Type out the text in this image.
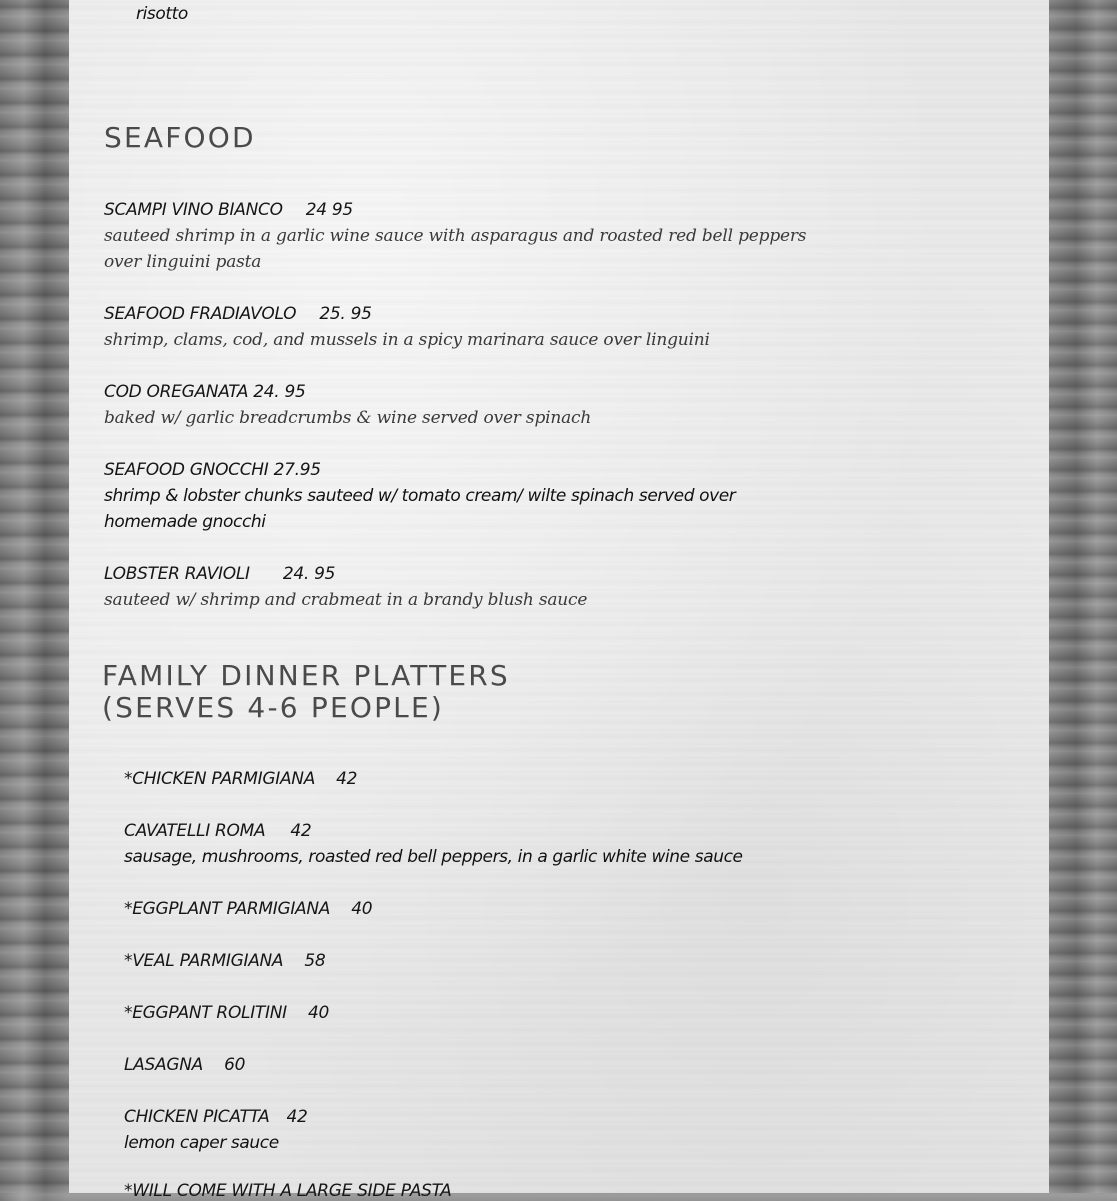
risotto
SEAFOOD
SCAMPI VINO BIANCO 24 95
sauteed shrimp in a garlic wine sauce with asparagus and roasted red bell peppers
over linguini pasta
SEAFOOD FRADIAVOLO 25. 95
shrimp, clams, cod, and mussels in a spicy marinara sauce over linguini
COD OREGANATA 24. 95
baked w/ garlic breadcrumbs & wine served over spinach
SEAFOOD GNOCCHI 27.95
shrimp & lobster chunks sauteed w/ tomato cream/ wilte spinach served over
homemade gnocchi
LOBSTER RAVIOLI 24. 95
sauteed w/ shrimp and crabmeat in a brandy blush sauce
FAMILY DINNER PLATTERS
(SERVES 4-6 PEOPLE)
*CHICKEN PARMIGIANA 42
CAVATELLI ROMA 42
sausage, mushrooms, roasted red bell peppers, in a garlic white wine sauce
*EGGPLANT PARMIGIANA 40
*VEAL PARMIGIANA 58
*EGGPANT ROLITINI 40
LASAGNA 60
CHICKEN PICATTA 42
lemon caper sauce
*WILL COME WITH A LARGE SIDE PASTA
